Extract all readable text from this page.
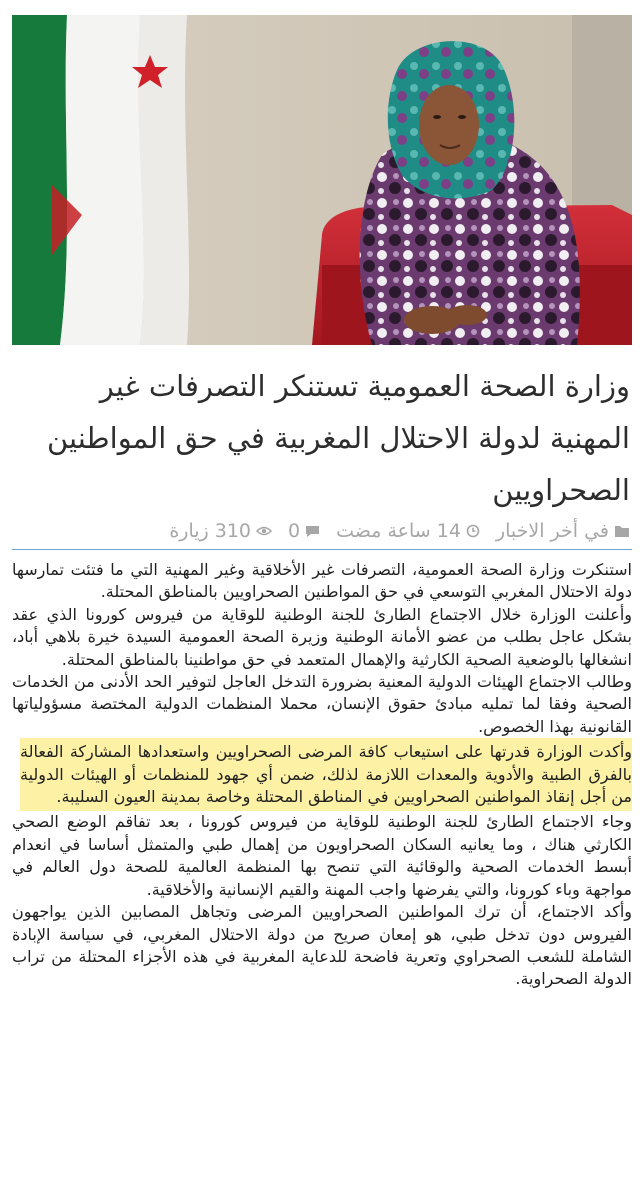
وزارة الصحة العمومية تستنكر التصرفات غير المهنية لدولة الاحتلال المغربية في حق المواطنين الصحراويين
في أخر الاخبار
14 ساعة مضت
0
310 زيارة

استنكرت وزارة الصحة العمومية، التصرفات غير الأخلاقية وغير المهنية التي ما فتئت تمارسها دولة الاحتلال المغربي التوسعي في حق المواطنين الصحراويين بالمناطق المحتلة.

وأعلنت الوزارة خلال الاجتماع الطارئ للجنة الوطنية للوقاية من فيروس كورونا الذي عقد بشكل عاجل بطلب من عضو الأمانة الوطنية وزيرة الصحة العمومية السيدة خيرة بلاهي أباد، انشغالها بالوضعية الصحية الكارثية والإهمال المتعمد في حق مواطنينا بالمناطق المحتلة.

وطالب الاجتماع الهيئات الدولية المعنية بضرورة التدخل العاجل لتوفير الحد الأدنى من الخدمات الصحية وفقا لما تمليه مبادئ حقوق الإنسان، محملا المنظمات الدولية المختصة مسؤولياتها القانونية بهذا الخصوص.

وأكدت الوزارة قدرتها على استيعاب كافة المرضى الصحراويين واستعدادها المشاركة الفعالة بالفرق الطبية والأدوية والمعدات اللازمة لذلك، ضمن أي جهود للمنظمات أو الهيئات الدولية من أجل إنقاذ المواطنين الصحراويين في المناطق المحتلة وخاصة بمدينة العيون السليبة.

وجاء الاجتماع الطارئ للجنة الوطنية للوقاية من فيروس كورونا ، بعد تفاقم الوضع الصحي الكارثي هناك ، وما يعانيه السكان الصحراويون من إهمال طبي والمتمثل أساسا في انعدام أبسط الخدمات الصحية والوقائية التي تنصح بها المنظمة العالمية للصحة دول العالم في مواجهة وباء كورونا، والتي يفرضها واجب المهنة والقيم الإنسانية والأخلاقية.

وأكد الاجتماع، أن ترك المواطنين الصحراويين المرضى وتجاهل المصابين الذين يواجهون الفيروس دون تدخل طبي، هو إمعان صريح من دولة الاحتلال المغربي، في سياسة الإبادة الشاملة للشعب الصحراوي وتعرية فاضحة للدعاية المغربية في هذه الأجزاء المحتلة من تراب الدولة الصحراوية.
